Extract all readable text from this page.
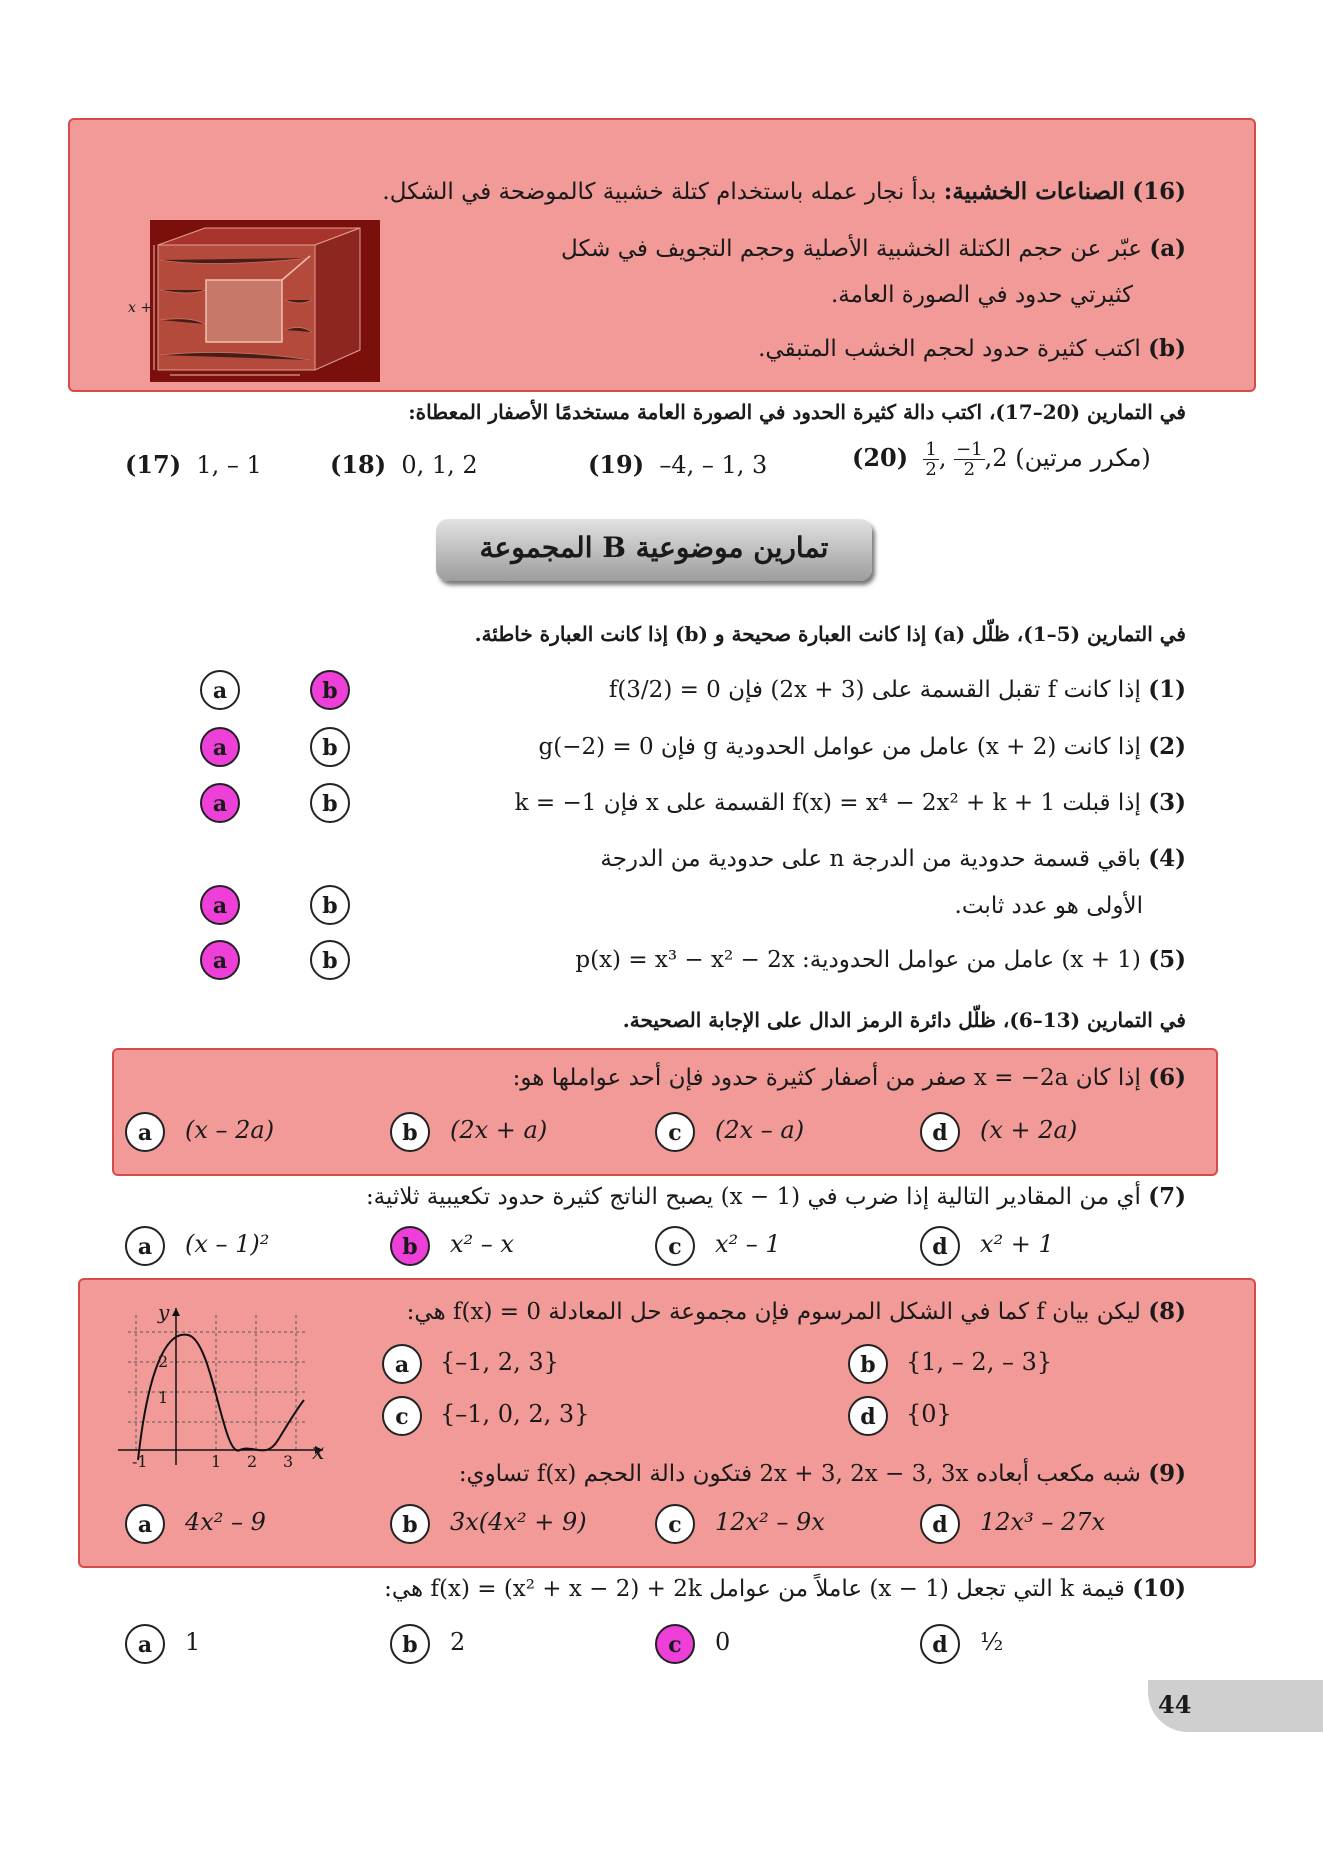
(16) الصناعات الخشبية: بدأ نجار عمله باستخدام كتلة خشبية كالموضحة في الشكل.
(a) عبّر عن حجم الكتلة الخشبية الأصلية وحجم التجويف في شكل
كثيرتي حدود في الصورة العامة.
(b) اكتب كثيرة حدود لحجم الخشب المتبقي.
x +
في التمارين (20–17)، اكتب دالة كثيرة الحدود في الصورة العامة مستخدمًا الأصفار المعطاة:
(17) 1, – 1	(18) 0, 1, 2	(19) –4, – 1, 3	$(20) \frac{1}{2}$ , $\frac{-1}{2} ,2$ (مكرر مرتين)
المجموعة B تمارين موضوعية
في التمارين (5–1)، ظلّل (a) إذا كانت العبارة صحيحة و (b) إذا كانت العبارة خاطئة.
(1) إذا كانت f تقبل القسمة على (2x + 3) فإن f(3/2) = 0
(2) إذا كانت (x + 2) عامل من عوامل الحدودية g فإن g(−2) = 0
(3) إذا قبلت f(x) = x⁴ − 2x² + k + 1 القسمة على x فإن k = −1
(4) باقي قسمة حدودية من الدرجة n على حدودية من الدرجة
الأولى هو عدد ثابت.
(5) (x + 1) عامل من عوامل الحدودية: p(x) = x³ − x² − 2x
a	b
a	b
a	b
a	b
a	b
في التمارين (13–6)، ظلّل دائرة الرمز الدال على الإجابة الصحيحة.
(6) إذا كان x = −2a صفر من أصفار كثيرة حدود فإن أحد عواملها هو:
a	(x – 2a)	b	(2x + a)	c	(2x – a)	d	(x + 2a)
(7) أي من المقادير التالية إذا ضرب في (1 − x) يصبح الناتج كثيرة حدود تكعيبية ثلاثية:
a	(x – 1)²	b	x² – x	c	x² – 1	d	x² + 1
y
x
2
1
-1	1 2 3
(8) ليكن بيان f كما في الشكل المرسوم فإن مجموعة حل المعادلة f(x) = 0 هي:
a	{–1, 2, 3}	b	{1, – 2, – 3}
c	{–1, 0, 2, 3}	d	{0}
(9) شبه مكعب أبعاده 2x + 3, 2x − 3, 3x فتكون دالة الحجم f(x) تساوي:
a	4x² – 9	b	3x(4x² + 9)	c	12x² – 9x	d	12x³ – 27x
(10) قيمة k التي تجعل (x − 1) عاملاً من عوامل f(x) = (x² + x − 2) + 2k هي:
a	1	b	2	c	0	d	½
44
